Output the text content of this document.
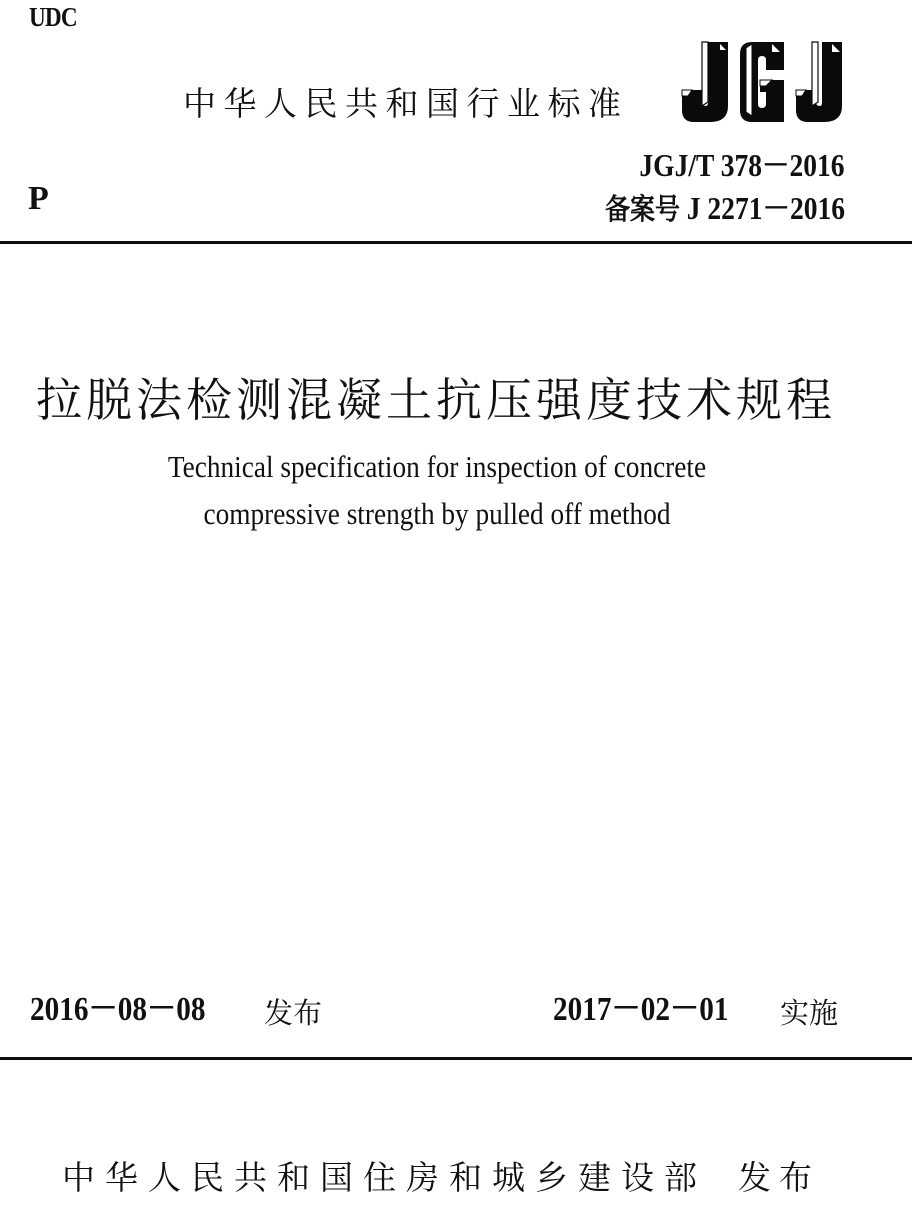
UDC
中华人民共和国行业标准
JGJ/T 378－2016
P	备案号 J 2271－2016
拉脱法检测混凝土抗压强度技术规程
Technical specification for inspection of concrete
compressive strength by pulled off method
2016－08－08 发布	2017－02－01 实施
中华人民共和国住房和城乡建设部 发布
